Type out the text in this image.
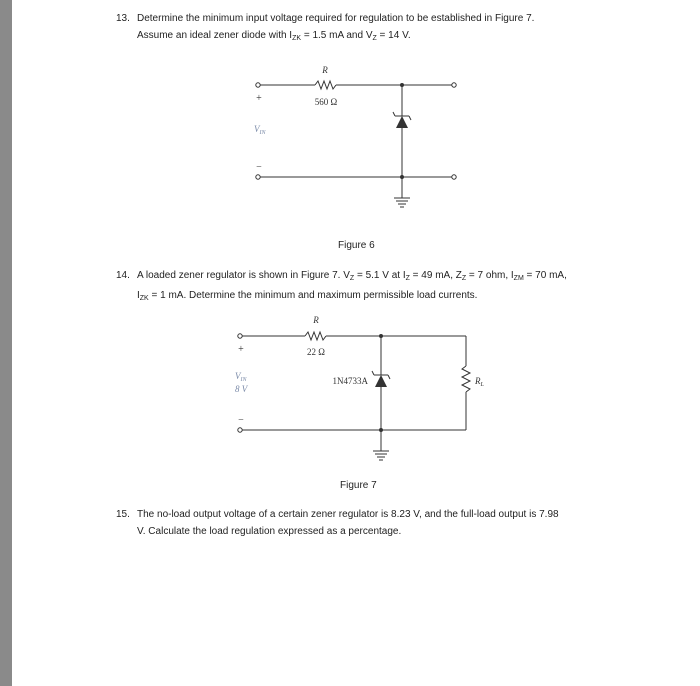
13. Determine the minimum input voltage required for regulation to be established in Figure 7.
Assume an ideal zener diode with $I_{ZK} = 1.5$ mA and $V_Z = 14$ V.
R
560 Ω
+
−
$V_{IN}$
Figure 6
14. A loaded zener regulator is shown in Figure 7. $V_Z = 5.1$ V at $I_Z = 49$ mA, $Z_Z = 7$ ohm, $I_{ZM} = 70$ mA,
$I_{ZK} = 1$ mA. Determine the minimum and maximum permissible load currents.
R
22 Ω
+
−
$V_{IN}$
8 V
1N4733A	$R_L$
Figure 7
15. The no-load output voltage of a certain zener regulator is 8.23 V, and the full-load output is 7.98
V. Calculate the load regulation expressed as a percentage.
